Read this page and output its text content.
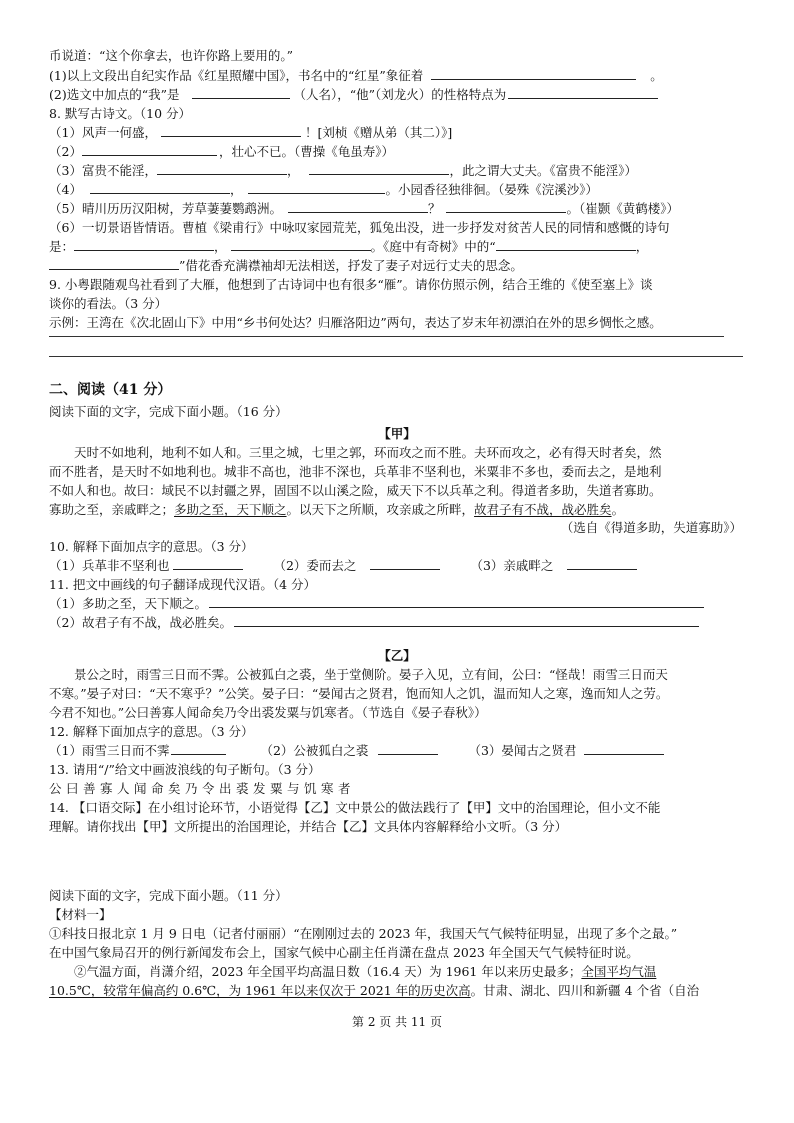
币说道：“这个你拿去，也许你路上要用的。”
(1)以上文段出自纪实作品《红星照耀中国》，书名中的“红星”象征着	。
(2)选文中加点的“我”是	（人名），“他”（刘龙火）的性格特点为
8. 默写古诗文。（10 分）
（1）风声一何盛，	！[刘桢《赠从弟（其二）》]
（2）	，壮心不已。（曹操《龟虽寿》）
（3）富贵不能淫，	，	，此之谓大丈夫。《富贵不能淫》）
（4）	，	。小园香径独徘徊。（晏殊《浣溪沙》）
（5）晴川历历汉阳树，芳草萋萋鹦鹉洲。	？	。（崔颢《黄鹤楼》）
（6）一切景语皆情语。曹植《梁甫行》中咏叹家园荒芜，狐兔出没，进一步抒发对贫苦人民的同情和感慨的诗句
是：	，	。《庭中有奇树》中的“	，
”借花香充满襟袖却无法相送，抒发了妻子对远行丈夫的思念。
9. 小粤跟随观鸟社看到了大雁，他想到了古诗词中也有很多“雁”。请你仿照示例，结合王维的《使至塞上》谈
谈你的看法。（3 分）
示例：王湾在《次北固山下》中用“乡书何处达？归雁洛阳边”两句，表达了岁末年初漂泊在外的思乡惆怅之感。
二、阅读（41 分）
阅读下面的文字，完成下面小题。（16 分）
【甲】
天时不如地利，地利不如人和。三里之城，七里之郭，环而攻之而不胜。夫环而攻之，必有得天时者矣，然
而不胜者，是天时不如地利也。城非不高也，池非不深也，兵革非不坚利也，米粟非不多也，委而去之，是地利
不如人和也。故曰：域民不以封疆之界，固国不以山溪之险，威天下不以兵革之利。得道者多助，失道者寡助。
寡助之至，亲戚畔之；多助之至，天下顺之。以天下之所顺，攻亲戚之所畔，故君子有不战，战必胜矣。
（选自《得道多助，失道寡助》）
10. 解释下面加点字的意思。（3 分）
（1）兵革非不坚利也	（2）委而去之	（3）亲戚畔之
11. 把文中画线的句子翻译成现代汉语。（4 分）
（1）多助之至，天下顺之。
（2）故君子有不战，战必胜矣。
【乙】
景公之时，雨雪三日而不霁。公被狐白之裘，坐于堂侧阶。晏子入见，立有间，公曰：“怪哉！雨雪三日而天
不寒。”晏子对曰：“天不寒乎？”公笑。晏子曰：“晏闻古之贤君，饱而知人之饥，温而知人之寒，逸而知人之劳。
今君不知也。”公曰善寡人闻命矣乃令出裘发粟与饥寒者。（节选自《晏子春秋》）
12. 解释下面加点字的意思。（3 分）
（1）雨雪三日而不霁	（2）公被狐白之裘	（3）晏闻古之贤君
13. 请用“/”给文中画波浪线的句子断句。（3 分）
公曰善寡人闻命矣乃令出裘发粟与饥寒者
14. 【口语交际】在小组讨论环节，小语觉得【乙】文中景公的做法践行了【甲】文中的治国理论，但小文不能
理解。请你找出【甲】文所提出的治国理论，并结合【乙】文具体内容解释给小文听。（3 分）
阅读下面的文字，完成下面小题。（11 分）
【材料一】
①科技日报北京 1 月 9 日电（记者付丽丽）“在刚刚过去的 2023 年，我国天气气候特征明显，出现了多个之最。”
在中国气象局召开的例行新闻发布会上，国家气候中心副主任肖潇在盘点 2023 年全国天气气候特征时说。
②气温方面，肖潇介绍，2023 年全国平均高温日数（16.4 天）为 1961 年以来历史最多；全国平均气温
10.5℃，较常年偏高约 0.6℃，为 1961 年以来仅次于 2021 年的历史次高。甘肃、湖北、四川和新疆 4 个省（自治
第 2 页 共 11 页
